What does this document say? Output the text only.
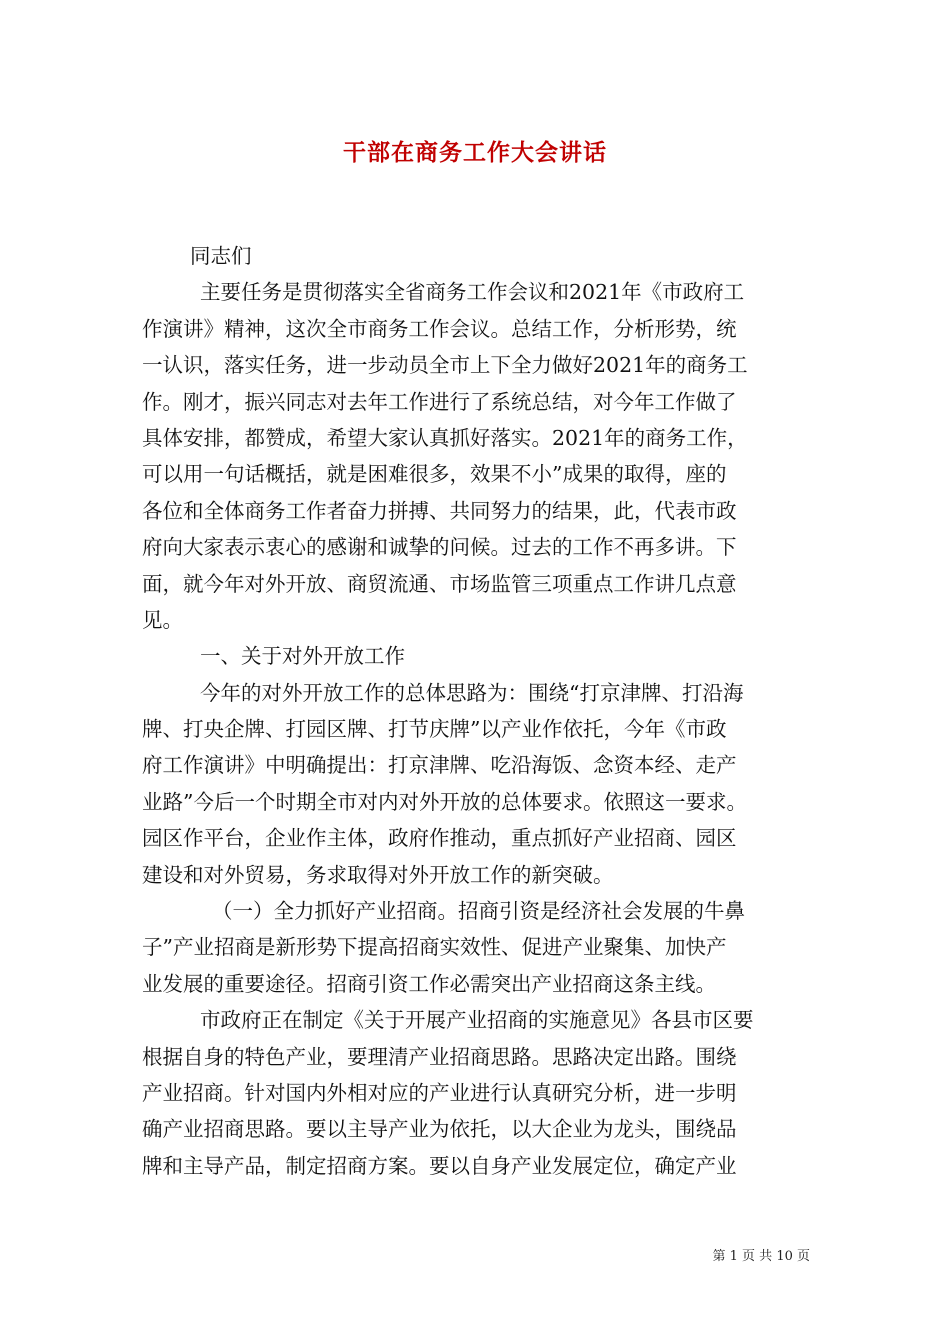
干部在商务工作大会讲话
同志们
主要任务是贯彻落实全省商务工作会议和2021年《市政府工
作演讲》精神，这次全市商务工作会议。总结工作，分析形势，统
一认识，落实任务，进一步动员全市上下全力做好2021年的商务工
作。刚才，振兴同志对去年工作进行了系统总结，对今年工作做了
具体安排，都赞成，希望大家认真抓好落实。2021年的商务工作，
可以用一句话概括，就是困难很多，效果不小”成果的取得，座的
各位和全体商务工作者奋力拼搏、共同努力的结果，此，代表市政
府向大家表示衷心的感谢和诚挚的问候。过去的工作不再多讲。下
面，就今年对外开放、商贸流通、市场监管三项重点工作讲几点意
见。
一、关于对外开放工作
今年的对外开放工作的总体思路为：围绕“打京津牌、打沿海
牌、打央企牌、打园区牌、打节庆牌”以产业作依托，今年《市政
府工作演讲》中明确提出：打京津牌、吃沿海饭、念资本经、走产
业路”今后一个时期全市对内对外开放的总体要求。依照这一要求。
园区作平台，企业作主体，政府作推动，重点抓好产业招商、园区
建设和对外贸易，务求取得对外开放工作的新突破。
（一）全力抓好产业招商。招商引资是经济社会发展的牛鼻
子”产业招商是新形势下提高招商实效性、促进产业聚集、加快产
业发展的重要途径。招商引资工作必需突出产业招商这条主线。
市政府正在制定《关于开展产业招商的实施意见》各县市区要
根据自身的特色产业，要理清产业招商思路。思路决定出路。围绕
产业招商。针对国内外相对应的产业进行认真研究分析，进一步明
确产业招商思路。要以主导产业为依托，以大企业为龙头，围绕品
牌和主导产品，制定招商方案。要以自身产业发展定位，确定产业
第 1 页 共 10 页
